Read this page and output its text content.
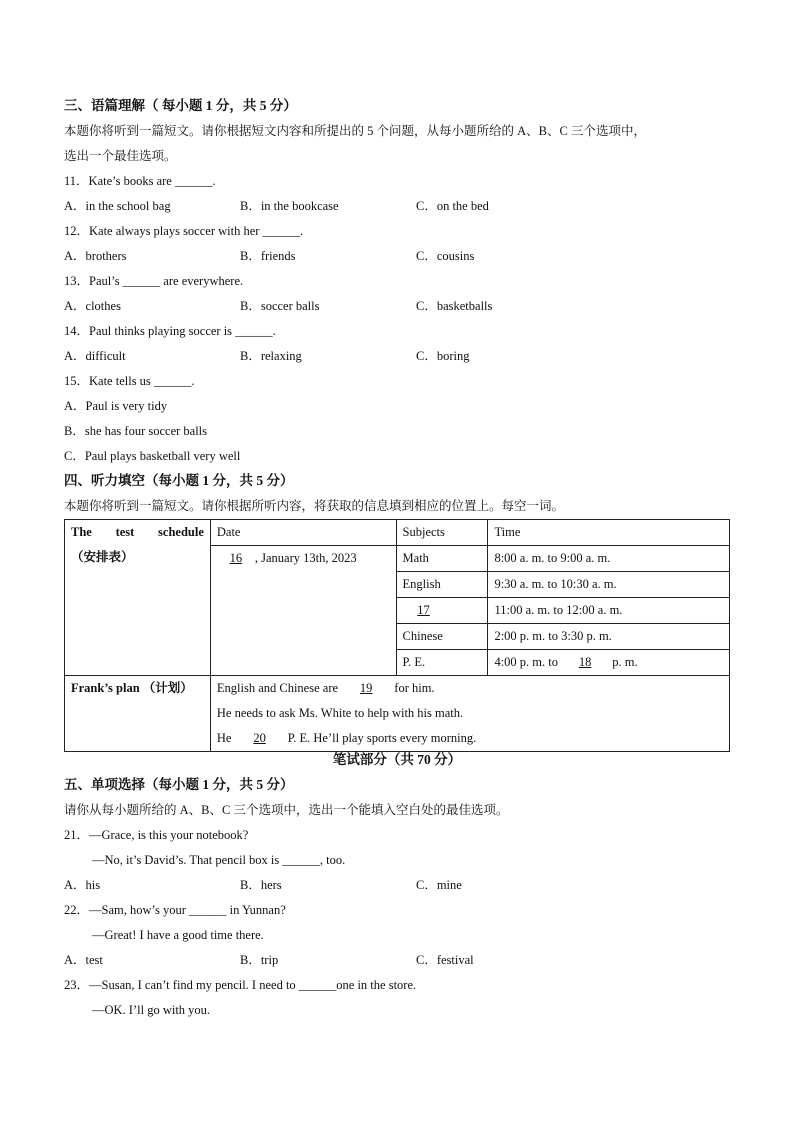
三、语篇理解（ 每小题 1 分，共 5 分）
本题你将听到一篇短文。请你根据短文内容和所提出的 5 个问题，从每小题所给的 A、B、C 三个选项中，
选出一个最佳选项。
11．Kate’s books are ______.
A．in the school bag	B．in the bookcase	C．on the bed
12．Kate always plays soccer with her ______.
A．brothers	B．friends	C．cousins
13．Paul’s ______ are everywhere.
A．clothes	B．soccer balls	C．basketballs
14．Paul thinks playing soccer is ______.
A．difficult	B．relaxing	C．boring
15．Kate tells us ______.
A．Paul is very tidy
B．she has four soccer balls
C．Paul plays basketball very well
四、听力填空（每小题 1 分，共 5 分）
本题你将听到一篇短文。请你根据所听内容，将获取的信息填到相应的位置上。每空一词。
The test schedule
（安排表）	Date	Subjects	Time
	16 , January 13th, 2023	Math	8:00 a. m. to 9:00 a. m.
		English	9:30 a. m. to 10:30 a. m.
		17	11:00 a. m. to 12:00 a. m.
		Chinese	2:00 p. m. to 3:30 p. m.
		P. E.	4:00 p. m. to 18 p. m.
Frank’s plan （计划）	English and Chinese are 19 for him.
He needs to ask Ms. White to help with his math.
He 20 P. E. He’ll play sports every morning.		
笔试部分（共 70 分）
五、单项选择（每小题 1 分，共 5 分）
请你从每小题所给的 A、B、C 三个选项中，选出一个能填入空白处的最佳选项。
21．—Grace, is this your notebook?
—No, it’s David’s. That pencil box is ______, too.
A．his	B．hers	C．mine
22．—Sam, how’s your ______ in Yunnan?
—Great! I have a good time there.
A．test	B．trip	C．festival
23．—Susan, I can’t find my pencil. I need to ______one in the store.
—OK. I’ll go with you.
